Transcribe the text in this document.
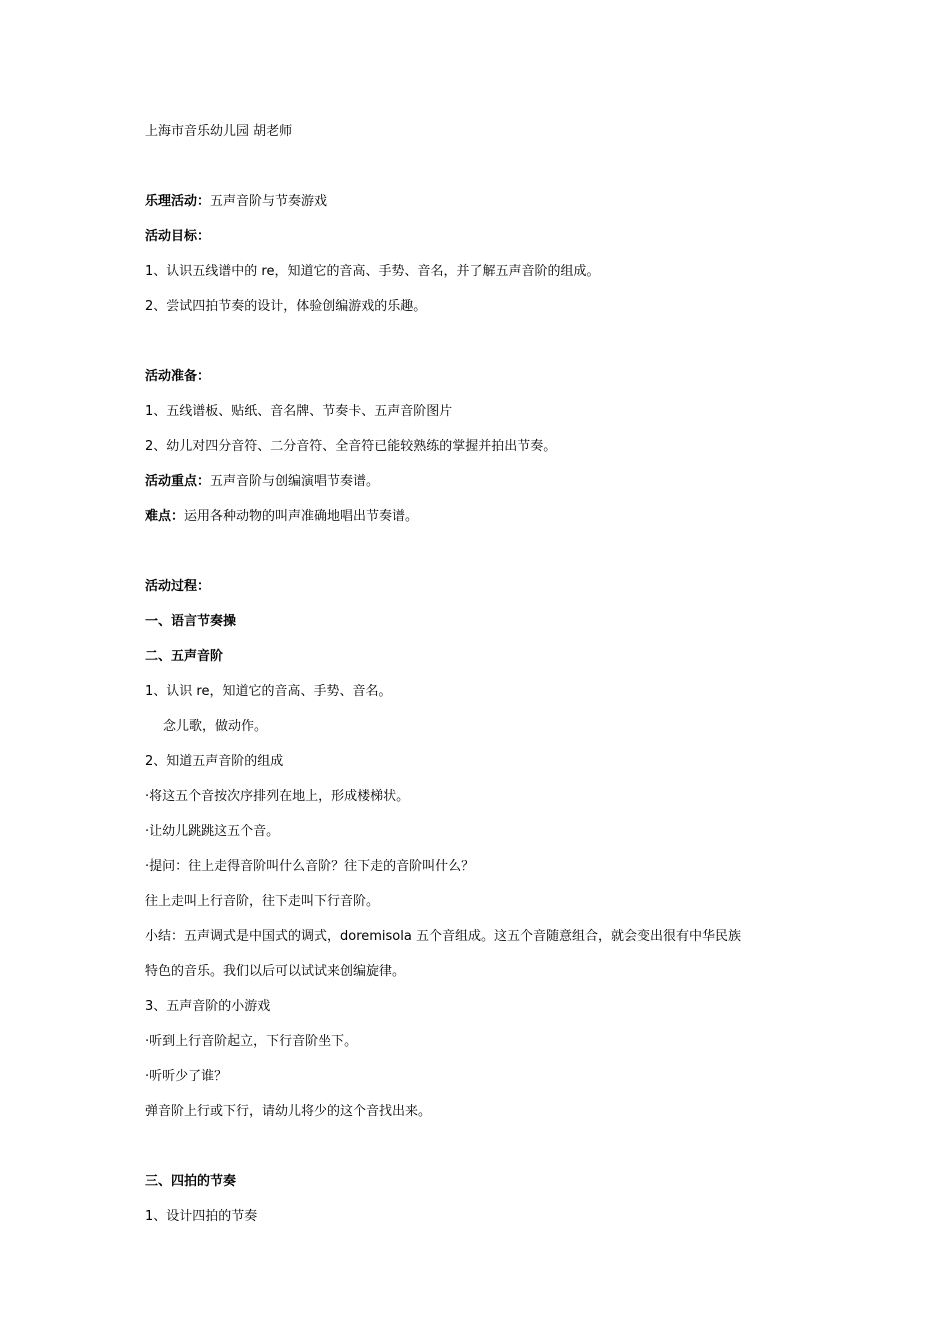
上海市音乐幼儿园 胡老师
乐理活动：五声音阶与节奏游戏
活动目标：
1、认识五线谱中的 re，知道它的音高、手势、音名，并了解五声音阶的组成。
2、尝试四拍节奏的设计，体验创编游戏的乐趣。
活动准备：
1、五线谱板、贴纸、音名牌、节奏卡、五声音阶图片
2、幼儿对四分音符、二分音符、全音符已能较熟练的掌握并拍出节奏。
活动重点：五声音阶与创编演唱节奏谱。
难点：运用各种动物的叫声准确地唱出节奏谱。
活动过程：
一、语言节奏操
二、五声音阶
1、认识 re，知道它的音高、手势、音名。
念儿歌，做动作。
2、知道五声音阶的组成
·将这五个音按次序排列在地上，形成楼梯状。
·让幼儿跳跳这五个音。
·提问：往上走得音阶叫什么音阶？往下走的音阶叫什么？
往上走叫上行音阶，往下走叫下行音阶。
小结：五声调式是中国式的调式，doremisola 五个音组成。这五个音随意组合，就会变出很有中华民族
特色的音乐。我们以后可以试试来创编旋律。
3、五声音阶的小游戏
·听到上行音阶起立，下行音阶坐下。
·听听少了谁？
弹音阶上行或下行，请幼儿将少的这个音找出来。
三、四拍的节奏
1、设计四拍的节奏
